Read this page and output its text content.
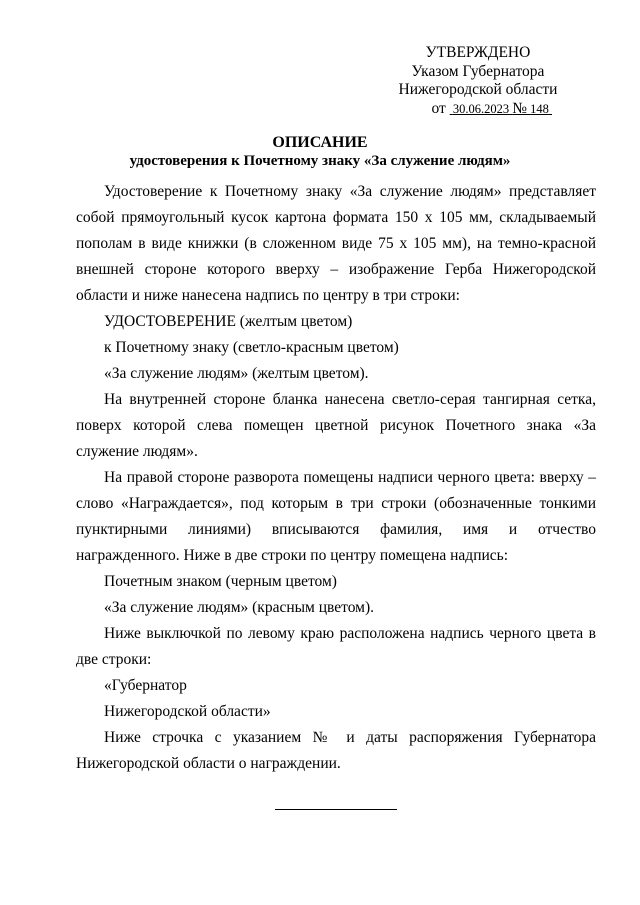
УТВЕРЖДЕНО
Указом Губернатора
Нижегородской области
от 30.06.2023 № 148
ОПИСАНИЕ
удостоверения к Почетному знаку «За служение людям»

Удостоверение к Почетному знаку «За служение людям» представляет собой прямоугольный кусок картона формата 150 х 105 мм, складываемый пополам в виде книжки (в сложенном виде 75 х 105 мм), на темно-красной внешней стороне которого вверху – изображение Герба Нижегородской области и ниже нанесена надпись по центру в три строки:

УДОСТОВЕРЕНИЕ (желтым цветом)

к Почетному знаку (светло-красным цветом)

«За служение людям» (желтым цветом).

На внутренней стороне бланка нанесена светло-серая тангирная сетка, поверх которой слева помещен цветной рисунок Почетного знака «За служение людям».

На правой стороне разворота помещены надписи черного цвета: вверху – слово «Награждается», под которым в три строки (обозначенные тонкими пунктирными линиями) вписываются фамилия, имя и отчество награжденного. Ниже в две строки по центру помещена надпись:

Почетным знаком (черным цветом)

«За служение людям» (красным цветом).

Ниже выключкой по левому краю расположена надпись черного цвета в две строки:

«Губернатор

Нижегородской области»

Ниже строчка с указанием № и даты распоряжения Губернатора Нижегородской области о награждении.
